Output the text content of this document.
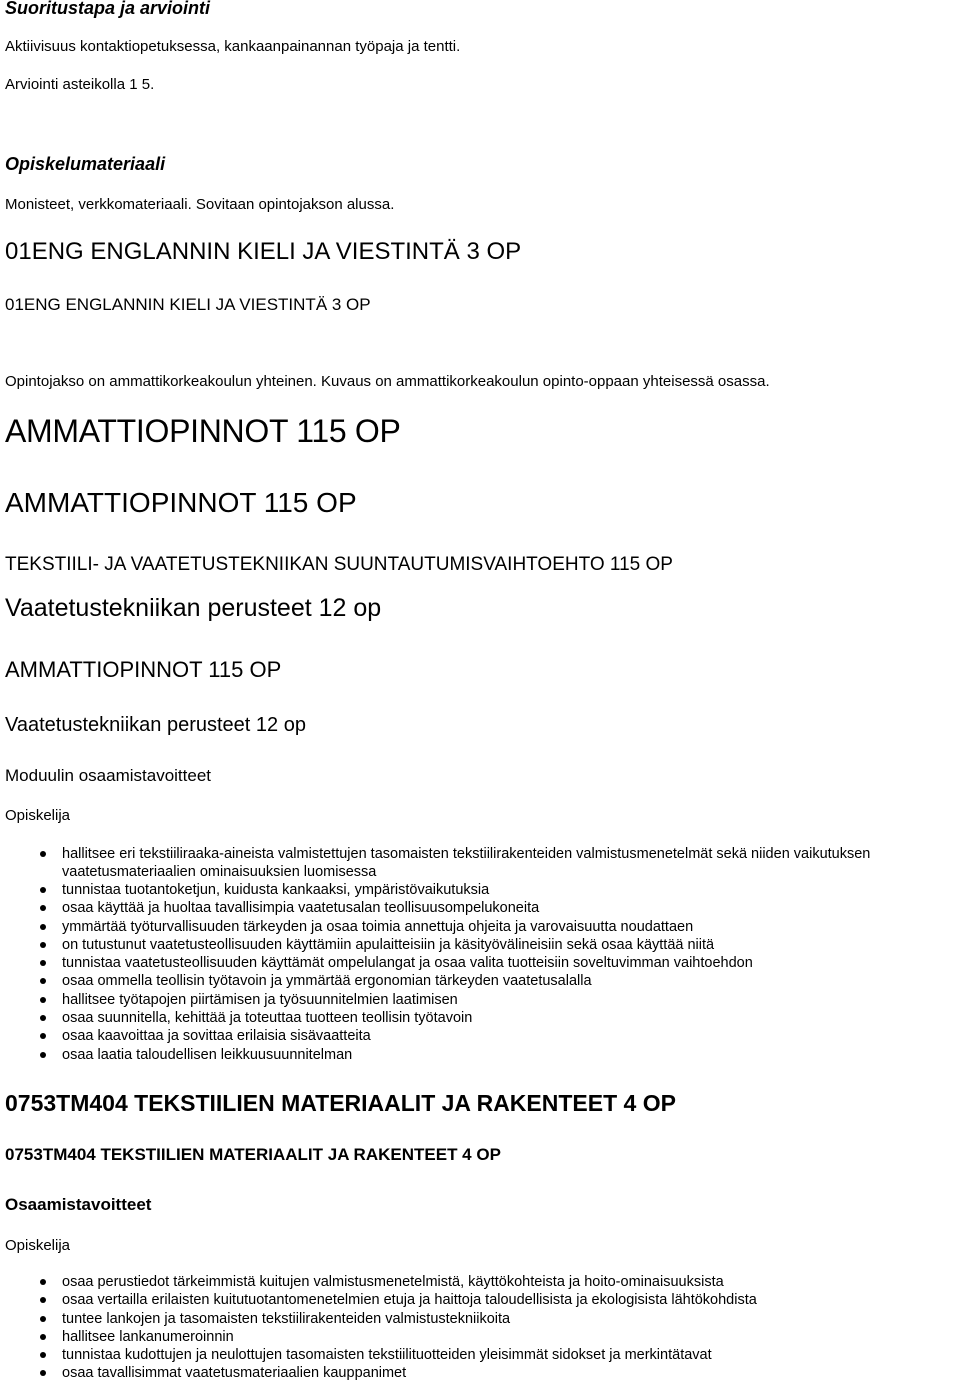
Suoritustapa ja arviointi
Aktiivisuus kontaktiopetuksessa, kankaanpainannan työpaja ja tentti.
Arviointi asteikolla 1 5.
Opiskelumateriaali
Monisteet, verkkomateriaali. Sovitaan opintojakson alussa.
01ENG ENGLANNIN KIELI JA VIESTINTÄ 3 OP
01ENG ENGLANNIN KIELI JA VIESTINTÄ 3 OP
Opintojakso on ammattikorkeakoulun yhteinen. Kuvaus on ammattikorkeakoulun opinto-oppaan yhteisessä osassa.
AMMATTIOPINNOT 115 OP
AMMATTIOPINNOT 115 OP
TEKSTIILI- JA VAATETUSTEKNIIKAN SUUNTAUTUMISVAIHTOEHTO 115 OP
Vaatetustekniikan perusteet 12 op
AMMATTIOPINNOT 115 OP
Vaatetustekniikan perusteet 12 op
Moduulin osaamistavoitteet
Opiskelija
hallitsee eri tekstiiliraaka-aineista valmistettujen tasomaisten tekstiilirakenteiden valmistusmenetelmät sekä niiden vaikutuksen vaatetusmateriaalien ominaisuuksien luomisessa
tunnistaa tuotantoketjun, kuidusta kankaaksi, ympäristövaikutuksia
osaa käyttää ja huoltaa tavallisimpia vaatetusalan teollisuusompelukoneita
ymmärtää työturvallisuuden tärkeyden ja osaa toimia annettuja ohjeita ja varovaisuutta noudattaen
on tutustunut vaatetusteollisuuden käyttämiin apulaitteisiin ja käsityövälineisiin sekä osaa käyttää niitä
tunnistaa vaatetusteollisuuden käyttämät ompelulangat ja osaa valita tuotteisiin soveltuvimman vaihtoehdon
osaa ommella teollisin työtavoin ja ymmärtää ergonomian tärkeyden vaatetusalalla
hallitsee työtapojen piirtämisen ja työsuunnitelmien laatimisen
osaa suunnitella, kehittää ja toteuttaa tuotteen teollisin työtavoin
osaa kaavoittaa ja sovittaa erilaisia sisävaatteita
osaa laatia taloudellisen leikkuusuunnitelman
0753TM404 TEKSTIILIEN MATERIAALIT JA RAKENTEET 4 OP
0753TM404 TEKSTIILIEN MATERIAALIT JA RAKENTEET 4 OP
Osaamistavoitteet
Opiskelija
osaa perustiedot tärkeimmistä kuitujen valmistusmenetelmistä, käyttökohteista ja hoito-ominaisuuksista
osaa vertailla erilaisten kuitutuotantomenetelmien etuja ja haittoja taloudellisista ja ekologisista lähtökohdista
tuntee lankojen ja tasomaisten tekstiilirakenteiden valmistustekniikoita
hallitsee lankanumeroinnin
tunnistaa kudottujen ja neulottujen tasomaisten tekstiilituotteiden yleisimmät sidokset ja merkintätavat
osaa tavallisimmat vaatetusmateriaalien kauppanimet
